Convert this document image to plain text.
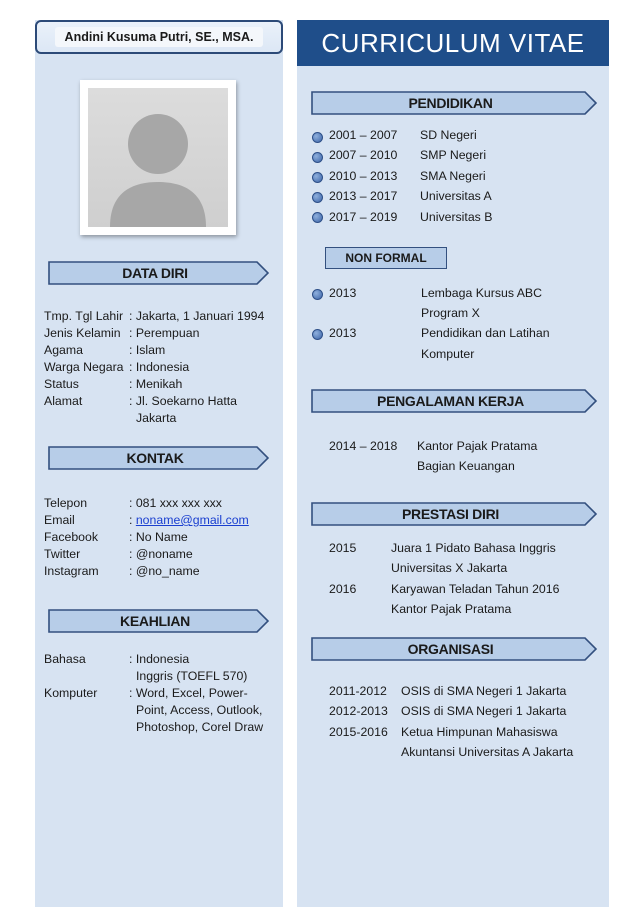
Andini Kusuma Putri, SE., MSA.	CURRICULUM VITAE
DATA DIRI
KONTAK
KEAHLIAN
PENDIDIKAN
PENGALAMAN KERJA
PRESTASI DIRI
ORGANISASI
NON FORMAL
Tmp. Tgl Lahir : Jakarta, 1 Januari 1994
Jenis Kelamin : Perempuan
Agama	: Islam
Warga Negara : Indonesia
Status	: Menikah
Alamat	: Jl. Soekarno Hatta
Jakarta
Telepon	: 081 xxx xxx xxx
Email	: noname@gmail.com
Facebook	: No Name
Twitter	: @noname
Instagram : @no_name
Bahasa	: Indonesia
Inggris (TOEFL 570)
Komputer	: Word, Excel, Power-
Point, Access, Outlook,
Photoshop, Corel Draw
2001 – 2007 SD Negeri
2007 – 2010 SMP Negeri
2010 – 2013 SMA Negeri
2013 – 2017 Universitas A
2017 – 2019 Universitas B
2013	Lembaga Kursus ABC
Program X
2013	Pendidikan dan Latihan
Komputer
2014 – 2018 Kantor Pajak Pratama
Bagian Keuangan
2015	Juara 1 Pidato Bahasa Inggris
Universitas X Jakarta
2016	Karyawan Teladan Tahun 2016
Kantor Pajak Pratama
2011-2012 OSIS di SMA Negeri 1 Jakarta
2012-2013 OSIS di SMA Negeri 1 Jakarta
2015-2016 Ketua Himpunan Mahasiswa
Akuntansi Universitas A Jakarta
